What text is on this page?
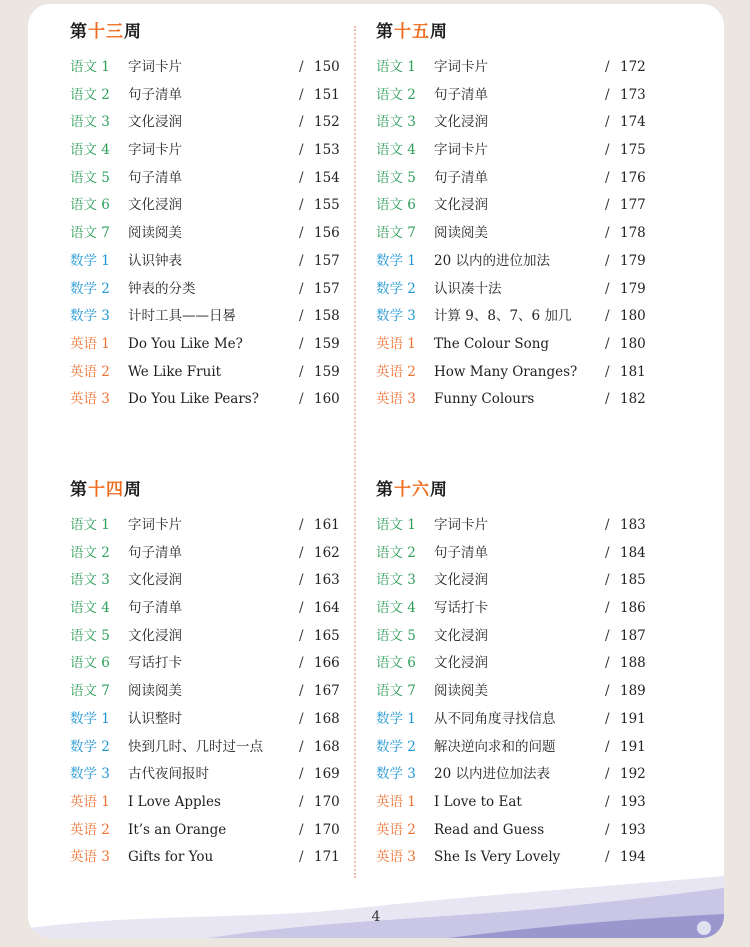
第十三周
语文 1	字词卡片	/ 150
语文 2	句子清单	/ 151
语文 3	文化浸润	/ 152
语文 4	字词卡片	/ 153
语文 5	句子清单	/ 154
语文 6	文化浸润	/ 155
语文 7	阅读阅美	/ 156
数学 1	认识钟表	/ 157
数学 2	钟表的分类	/ 157
数学 3	计时工具——日晷	/ 158
英语 1	Do You Like Me?	/ 159
英语 2	We Like Fruit	/ 159
英语 3	Do You Like Pears?	/ 160
第十五周
语文 1	字词卡片	/ 172
语文 2	句子清单	/ 173
语文 3	文化浸润	/ 174
语文 4	字词卡片	/ 175
语文 5	句子清单	/ 176
语文 6	文化浸润	/ 177
语文 7	阅读阅美	/ 178
数学 1	20 以内的进位加法	/ 179
数学 2	认识凑十法	/ 179
数学 3	计算 9、8、7、6 加几 / 180
英语 1	The Colour Song	/ 180
英语 2	How Many Oranges? / 181
英语 3	Funny Colours	/ 182
第十四周
语文 1	字词卡片	/ 161
语文 2	句子清单	/ 162
语文 3	文化浸润	/ 163
语文 4	句子清单	/ 164
语文 5	文化浸润	/ 165
语文 6	写话打卡	/ 166
语文 7	阅读阅美	/ 167
数学 1	认识整时	/ 168
数学 2	快到几时、几时过一点	/ 168
数学 3	古代夜间报时	/ 169
英语 1	I Love Apples	/ 170
英语 2	It’s an Orange	/ 170
英语 3	Gifts for You	/ 171
第十六周
语文 1	字词卡片	/ 183
语文 2	句子清单	/ 184
语文 3	文化浸润	/ 185
语文 4	写话打卡	/ 186
语文 5	文化浸润	/ 187
语文 6	文化浸润	/ 188
语文 7	阅读阅美	/ 189
数学 1	从不同角度寻找信息	/ 191
数学 2	解决逆向求和的问题	/ 191
数学 3	20 以内进位加法表	/ 192
英语 1	I Love to Eat	/ 193
英语 2	Read and Guess	/ 193
英语 3	She Is Very Lovely	/ 194
4
